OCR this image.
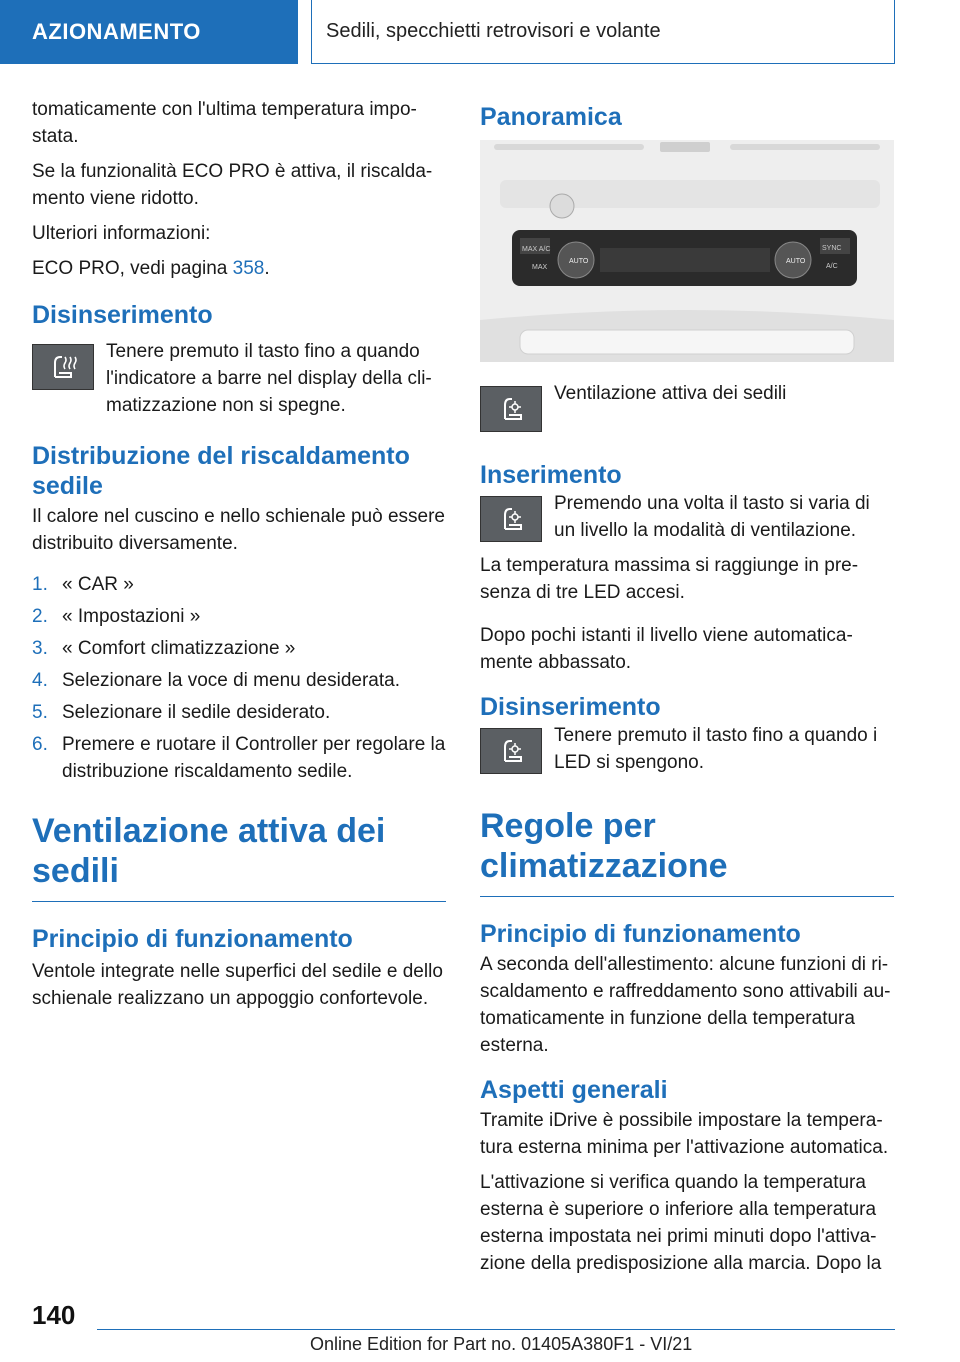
AZIONAMENTO	Sedili, specchietti retrovisori e volante

tomaticamente con l'ultima temperatura impo-stata.

Se la funzionalità ECO PRO è attiva, il riscalda-mento viene ridotto.

Ulteriori informazioni:

ECO PRO, vedi pagina 358.

Disinserimento

Tenere premuto il tasto fino a quando l'indicatore a barre nel display della cli-matizzazione non si spegne.

Distribuzione del riscaldamento sedile

Il calore nel cuscino e nello schienale può essere distribuito diversamente.

1. « CAR »
2. « Impostazioni »
3. « Comfort climatizzazione »
4. Selezionare la voce di menu desiderata.
5. Selezionare il sedile desiderato.
6. Premere e ruotare il Controller per regolare la distribuzione riscaldamento sedile.
Ventilazione attiva dei sedili
Principio di funzionamento

Ventole integrate nelle superfici del sedile e dello schienale realizzano un appoggio confortevole.

Panoramica
MAX A/C
MAX
AUTO	AUTO
SYNC
A/C

Ventilazione attiva dei sedili

Inserimento

Premendo una volta il tasto si varia di un livello la modalità di ventilazione.

La temperatura massima si raggiunge in pre-senza di tre LED accesi.

Dopo pochi istanti il livello viene automatica-mente abbassato.

Disinserimento

Tenere premuto il tasto fino a quando i LED si spengono.

Regole per climatizzazione
Principio di funzionamento

A seconda dell'allestimento: alcune funzioni di ri-scaldamento e raffreddamento sono attivabili au-tomaticamente in funzione della temperatura esterna.

Aspetti generali

Tramite iDrive è possibile impostare la tempera-tura esterna minima per l'attivazione automatica.

L'attivazione si verifica quando la temperatura esterna è superiore o inferiore alla temperatura esterna impostata nei primi minuti dopo l'attiva-zione della predisposizione alla marcia. Dopo la

140
Online Edition for Part no. 01405A380F1 - VI/21
